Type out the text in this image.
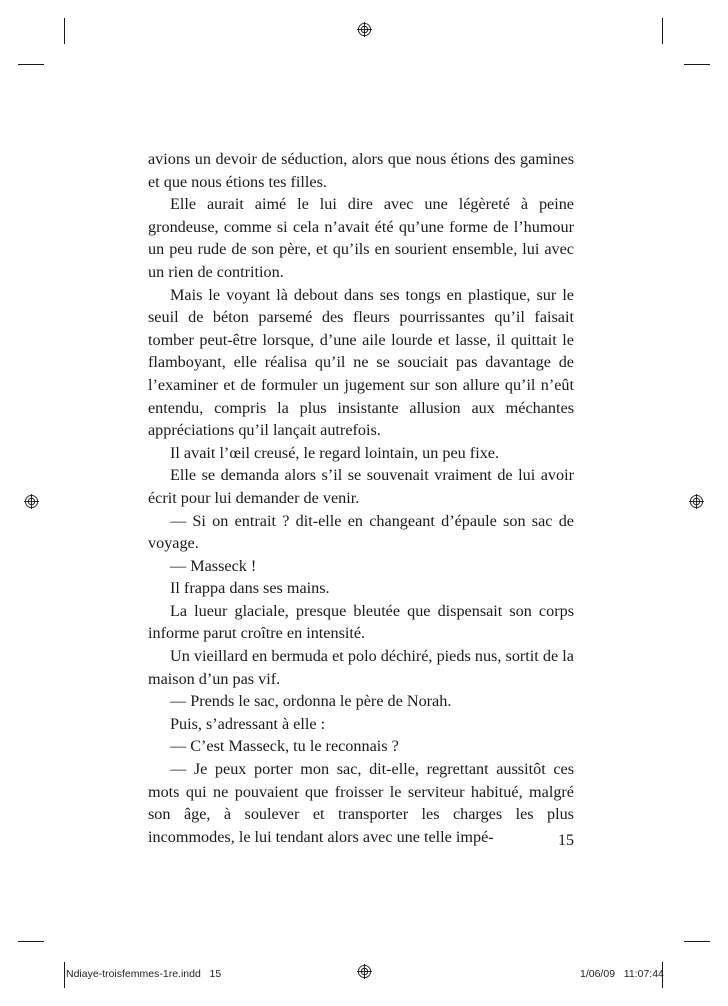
avions un devoir de séduction, alors que nous étions des gamines et que nous étions tes filles.

Elle aurait aimé le lui dire avec une légèreté à peine grondeuse, comme si cela n’avait été qu’une forme de l’humour un peu rude de son père, et qu’ils en sourient ensemble, lui avec un rien de contrition.

Mais le voyant là debout dans ses tongs en plastique, sur le seuil de béton parsemé des fleurs pourrissantes qu’il faisait tomber peut-être lorsque, d’une aile lourde et lasse, il quittait le flamboyant, elle réalisa qu’il ne se souciait pas davantage de l’examiner et de formuler un jugement sur son allure qu’il n’eût entendu, compris la plus insistante allusion aux méchantes appréciations qu’il lançait autrefois.

Il avait l’œil creusé, le regard lointain, un peu fixe.

Elle se demanda alors s’il se souvenait vraiment de lui avoir écrit pour lui demander de venir.

— Si on entrait ? dit-elle en changeant d’épaule son sac de voyage.

— Masseck !

Il frappa dans ses mains.

La lueur glaciale, presque bleutée que dispensait son corps informe parut croître en intensité.

Un vieillard en bermuda et polo déchiré, pieds nus, sortit de la maison d’un pas vif.

— Prends le sac, ordonna le père de Norah.

Puis, s’adressant à elle :

— C’est Masseck, tu le reconnais ?

— Je peux porter mon sac, dit-elle, regrettant aussitôt ces mots qui ne pouvaient que froisser le serviteur habitué, malgré son âge, à soulever et transporter les charges les plus incommodes, le lui tendant alors avec une telle impé-	15
Ndiaye-troisfemmes-1re.indd   15	1/06/09   11:07:44
